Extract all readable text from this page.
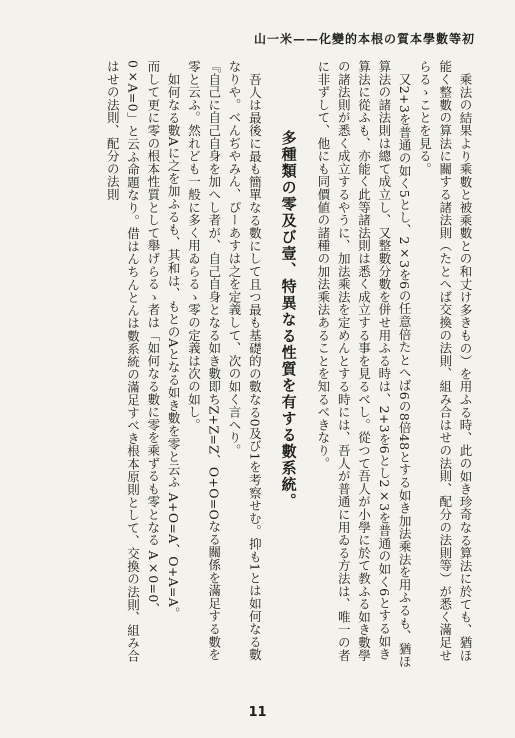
山一米——化變的本根の質本學數等初

乘法の結果より乘數と被乘數との和丈け多きもの）を用ふる時、此の如き珍奇なる算法に於ても、猶ほ能く整數の算法に關する諸法則（たとへば交換の法則、組み合はせの法則、配分の法則等）が悉く滿足せらるゝことを見る。

又2+3を普通の如く5とし、2×3を6の任意倍たとへば6の8倍48とする如き加法乘法を用ふるも、猶ほ算法の諸法則は總て成立し、又整數分數を併せ用ふる時は、2+3を6とし2×3を普通の如く6とする如き算法に從ふも、亦能く此等諸法則は悉く成立する事を見るべし。從つて吾人が小學に於て教ふる如き數學の諸法則が悉く成立するやうに、加法乘法を定めんとする時には、吾人が普通に用ゐる方法は、唯一の者に非ずして、他にも同價値の諸種の加法乘法あることを知るべきなり。

多種類の零及び壹、特異なる性質を有する數系統。

吾人は最後に最も簡單なる數にして且つ最も基礎的の數なる0及び1を考察せむ。抑も1とは如何なる數なりや。べんぢやみん、ぴーあすは之を定義して、次の如く言へり。

『自己に自己自身を加へし者が、自己自身となる如き數即ちZ+Z=Z、O+O=Oなる關係を滿足する數を零と云ふ。然れども一般に多く用ゐらるゝ零の定義は次の如し。

如何なる數Aに之を加ふるも、其和は、もとのAとなる如き數を零と云ふ A+O=A、O+A=A。

而して更に零の根本性質として舉げらるゝ者は「如何なる數に零を乘ずるも零となる A×0=0、0×A=0」と云ふ命題なり。借はんちんとんは數系統の滿足すべき根本原則として、交換の法則、組み合はせの法則、配分の法則

11
